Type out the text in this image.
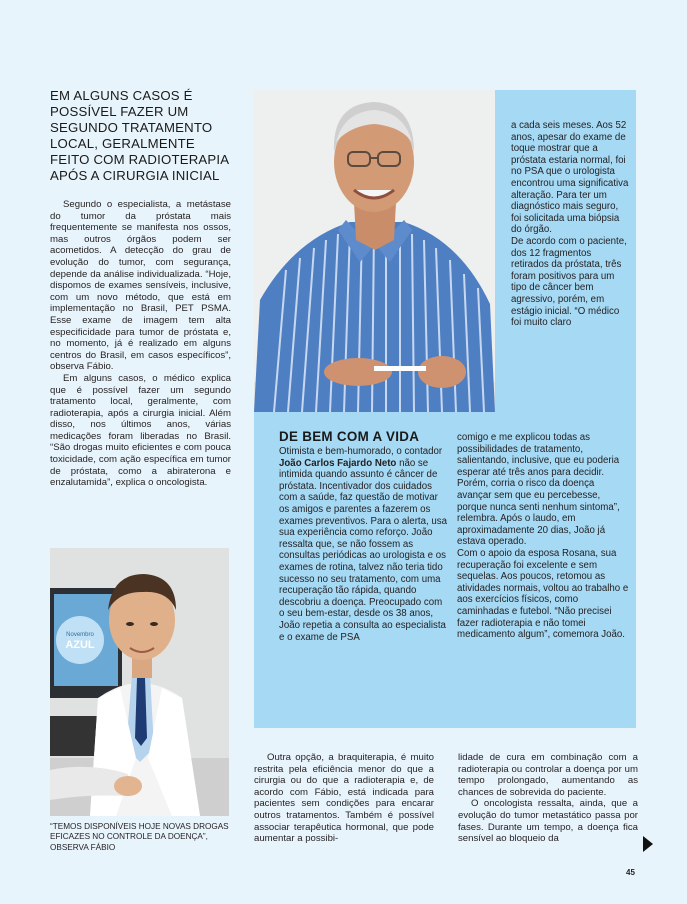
EM ALGUNS CASOS É POSSÍVEL FAZER UM SEGUNDO TRATAMENTO LOCAL, GERALMENTE FEITO COM RADIOTERAPIA APÓS A CIRURGIA INICIAL

Segundo o especialista, a metástase do tumor da próstata mais frequentemente se manifesta nos ossos, mas outros órgãos podem ser acometidos. A detecção do grau de evolução do tumor, com segurança, depende da análise individualizada. “Hoje, dispomos de exames sensíveis, inclusive, com um novo método, que está em implementação no Brasil, PET PSMA. Esse exame de imagem tem alta especificidade para tumor de próstata e, no momento, já é realizado em alguns centros do Brasil, em casos específicos”, observa Fábio.

Em alguns casos, o médico explica que é possível fazer um segundo tratamento local, geralmente, com radioterapia, após a cirurgia inicial. Além disso, nos últimos anos, várias medicações foram liberadas no Brasil. “São drogas muito eficientes e com pouca toxicidade, com ação específica em tumor de próstata, como a abiraterona e enzalutamida”, explica o oncologista.

Novembro
AZUL

“TEMOS DISPONÍVEIS HOJE NOVAS DROGAS EFICAZES NO CONTROLE DA DOENÇA”, OBSERVA FÁBIO

a cada seis meses. Aos 52 anos, apesar do exame de toque mostrar que a próstata estaria normal, foi no PSA que o urologista encontrou uma significativa alteração. Para ter um diagnóstico mais seguro, foi solicitada uma biópsia do órgão.

De acordo com o paciente, dos 12 fragmentos retirados da próstata, três foram positivos para um tipo de câncer bem agressivo, porém, em estágio inicial. “O médico foi muito claro

DE BEM COM A VIDA

Otimista e bem-humorado, o contador João Carlos Fajardo Neto não se intimida quando assunto é câncer de próstata. Incentivador dos cuidados com a saúde, faz questão de motivar os amigos e parentes a fazerem os exames preventivos. Para o alerta, usa sua experiência como reforço. João ressalta que, se não fossem as consultas periódicas ao urologista e os exames de rotina, talvez não teria tido sucesso no seu tratamento, com uma recuperação tão rápida, quando descobriu a doença. Preocupado com o seu bem-estar, desde os 38 anos, João repetia a consulta ao especialista e o exame de PSA

comigo e me explicou todas as possibilidades de tratamento, salientando, inclusive, que eu poderia esperar até três anos para decidir. Porém, corria o risco da doença avançar sem que eu percebesse, porque nunca senti nenhum sintoma”, relembra. Após o laudo, em aproximadamente 20 dias, João já estava operado.

Com o apoio da esposa Rosana, sua recuperação foi excelente e sem sequelas. Aos poucos, retomou as atividades normais, voltou ao trabalho e aos exercícios físicos, como caminhadas e futebol. “Não precisei fazer radioterapia e não tomei medicamento algum”, comemora João.

Outra opção, a braquiterapia, é muito restrita pela eficiência menor do que a cirurgia ou do que a radioterapia e, de acordo com Fábio, está indicada para pacientes sem condições para encarar outros tratamentos. Também é possível associar terapêutica hormonal, que pode aumentar a possibi-

lidade de cura em combinação com a radioterapia ou controlar a doença por um tempo prolongado, aumentando as chances de sobrevida do paciente.

O oncologista ressalta, ainda, que a evolução do tumor metastático passa por fases. Durante um tempo, a doença fica sensível ao bloqueio da

45
